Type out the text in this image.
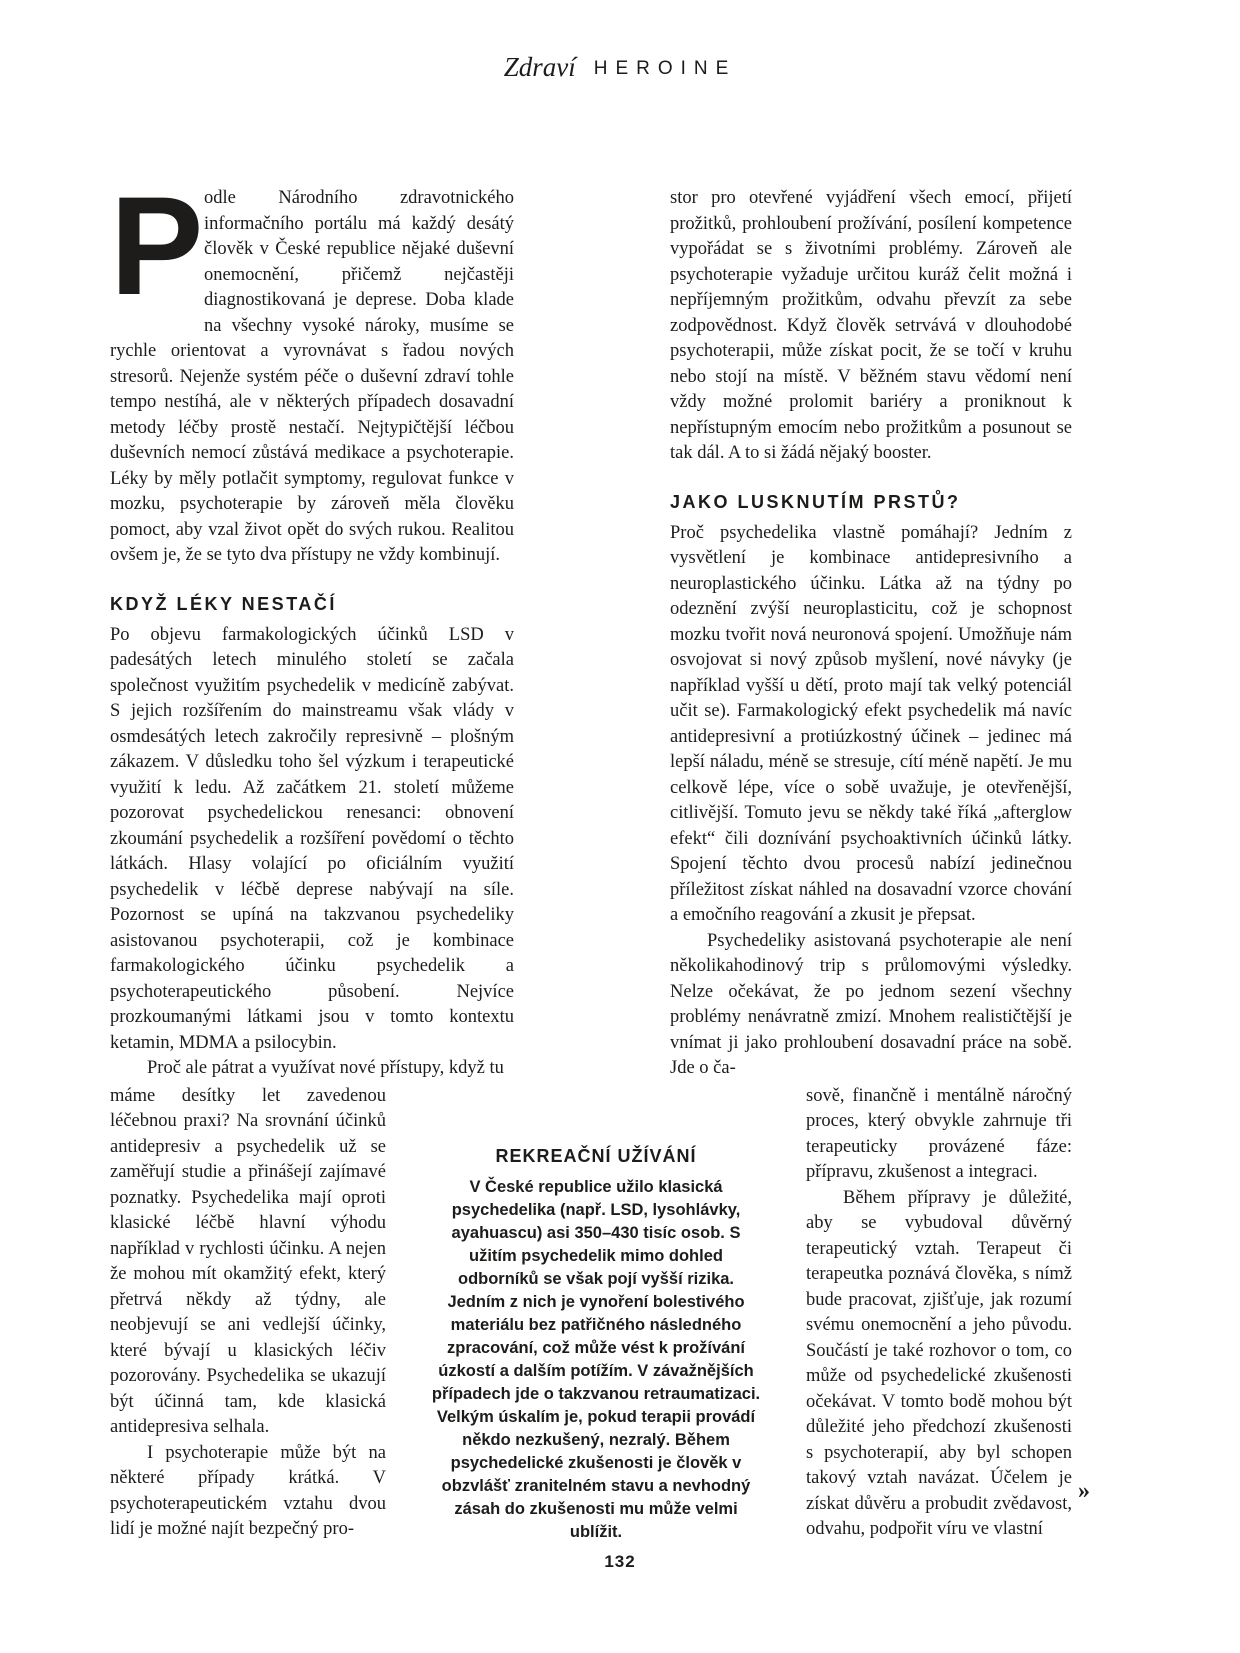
Zdraví HEROINE
P odle Národního zdravotnického informačního portálu má každý desátý člověk v České republice nějaké duševní onemocnění, přičemž nejčastěji diagnostikovaná je deprese. Doba klade na všechny vysoké nároky, musíme se rychle orientovat a vyrovnávat s řadou nových stresorů. Nejenže systém péče o duševní zdraví tohle tempo nestíhá, ale v některých případech dosavadní metody léčby prostě nestačí. Nejtypičtější léčbou duševních nemocí zůstává medikace a psychoterapie. Léky by měly potlačit symptomy, regulovat funkce v mozku, psychoterapie by zároveň měla člověku pomoct, aby vzal život opět do svých rukou. Realitou ovšem je, že se tyto dva přístupy ne vždy kombinují.

KDYŽ LÉKY NESTAČÍ

Po objevu farmakologických účinků LSD v padesátých letech minulého století se začala společnost využitím psychedelik v medicíně zabývat. S jejich rozšířením do mainstreamu však vlády v osmdesátých letech zakročily represivně – plošným zákazem. V důsledku toho šel výzkum i terapeutické využití k ledu. Až začátkem 21. století můžeme pozorovat psychedelickou renesanci: obnovení zkoumání psychedelik a rozšíření povědomí o těchto látkách. Hlasy volající po oficiálním využití psychedelik v léčbě deprese nabývají na síle. Pozornost se upíná na takzvanou psychedeliky asistovanou psychoterapii, což je kombinace farmakologického účinku psychedelik a psychoterapeutického působení. Nejvíce prozkoumanými látkami jsou v tomto kontextu ketamin, MDMA a psilocybin.

Proč ale pátrat a využívat nové přístupy, když tu

máme desítky let zavedenou léčebnou praxi? Na srovnání účinků antidepresiv a psychedelik už se zaměřují studie a přinášejí zajímavé poznatky. Psychedelika mají oproti klasické léčbě hlavní výhodu například v rychlosti účinku. A nejen že mohou mít okamžitý efekt, který přetrvá někdy až týdny, ale neobjevují se ani vedlejší účinky, které bývají u klasických léčiv pozorovány. Psychedelika se ukazují být účinná tam, kde klasická antidepresiva selhala.

I psychoterapie může být na některé případy krátká. V psychoterapeutickém vztahu dvou lidí je možné najít bezpečný pro-

REKREAČNÍ UŽÍVÁNÍ

V České republice užilo klasická psychedelika (např. LSD, lysohlávky, ayahuascu) asi 350–430 tisíc osob. S užitím psychedelik mimo dohled odborníků se však pojí vyšší rizika. Jedním z nich je vynoření bolestivého materiálu bez patřičného následného zpracování, což může vést k prožívání úzkostí a dalším potížím. V závažnějších případech jde o takzvanou retraumatizaci. Velkým úskalím je, pokud terapii provádí někdo nezkušený, nezralý. Během psychedelické zkušenosti je člověk v obzvlášť zranitelném stavu a nevhodný zásah do zkušenosti mu může velmi ublížit.

stor pro otevřené vyjádření všech emocí, přijetí prožitků, prohloubení prožívání, posílení kompetence vypořádat se s životními problémy. Zároveň ale psychoterapie vyžaduje určitou kuráž čelit možná i nepříjemným prožitkům, odvahu převzít za sebe zodpovědnost. Když člověk setrvává v dlouhodobé psychoterapii, může získat pocit, že se točí v kruhu nebo stojí na místě. V běžném stavu vědomí není vždy možné prolomit bariéry a proniknout k nepřístupným emocím nebo prožitkům a posunout se tak dál. A to si žádá nějaký booster.

JAKO LUSKNUTÍM PRSTŮ?

Proč psychedelika vlastně pomáhají? Jedním z vysvětlení je kombinace antidepresivního a neuroplastického účinku. Látka až na týdny po odeznění zvýší neuroplasticitu, což je schopnost mozku tvořit nová neuronová spojení. Umožňuje nám osvojovat si nový způsob myšlení, nové návyky (je například vyšší u dětí, proto mají tak velký potenciál učit se). Farmakologický efekt psychedelik má navíc antidepresivní a protiúzkostný účinek – jedinec má lepší náladu, méně se stresuje, cítí méně napětí. Je mu celkově lépe, více o sobě uvažuje, je otevřenější, citlivější. Tomuto jevu se někdy také říká „afterglow efekt“ čili doznívání psychoaktivních účinků látky. Spojení těchto dvou procesů nabízí jedinečnou příležitost získat náhled na dosavadní vzorce chování a emočního reagování a zkusit je přepsat.

Psychedeliky asistovaná psychoterapie ale není několikahodinový trip s průlomovými výsledky. Nelze očekávat, že po jednom sezení všechny problémy nenávratně zmizí. Mnohem realističtější je vnímat ji jako prohloubení dosavadní práce na sobě. Jde o ča-

sově, finančně i mentálně náročný proces, který obvykle zahrnuje tři terapeuticky provázené fáze: přípravu, zkušenost a integraci.

Během přípravy je důležité, aby se vybudoval důvěrný terapeutický vztah. Terapeut či terapeutka poznává člověka, s nímž bude pracovat, zjišťuje, jak rozumí svému onemocnění a jeho původu. Součástí je také rozhovor o tom, co může od psychedelické zkušenosti očekávat. V tomto bodě mohou být důležité jeho předchozí zkušenosti s psychoterapií, aby byl schopen takový vztah navázat. Účelem je získat důvěru a probudit zvědavost, odvahu, podpořit víru ve vlastní

»
132
